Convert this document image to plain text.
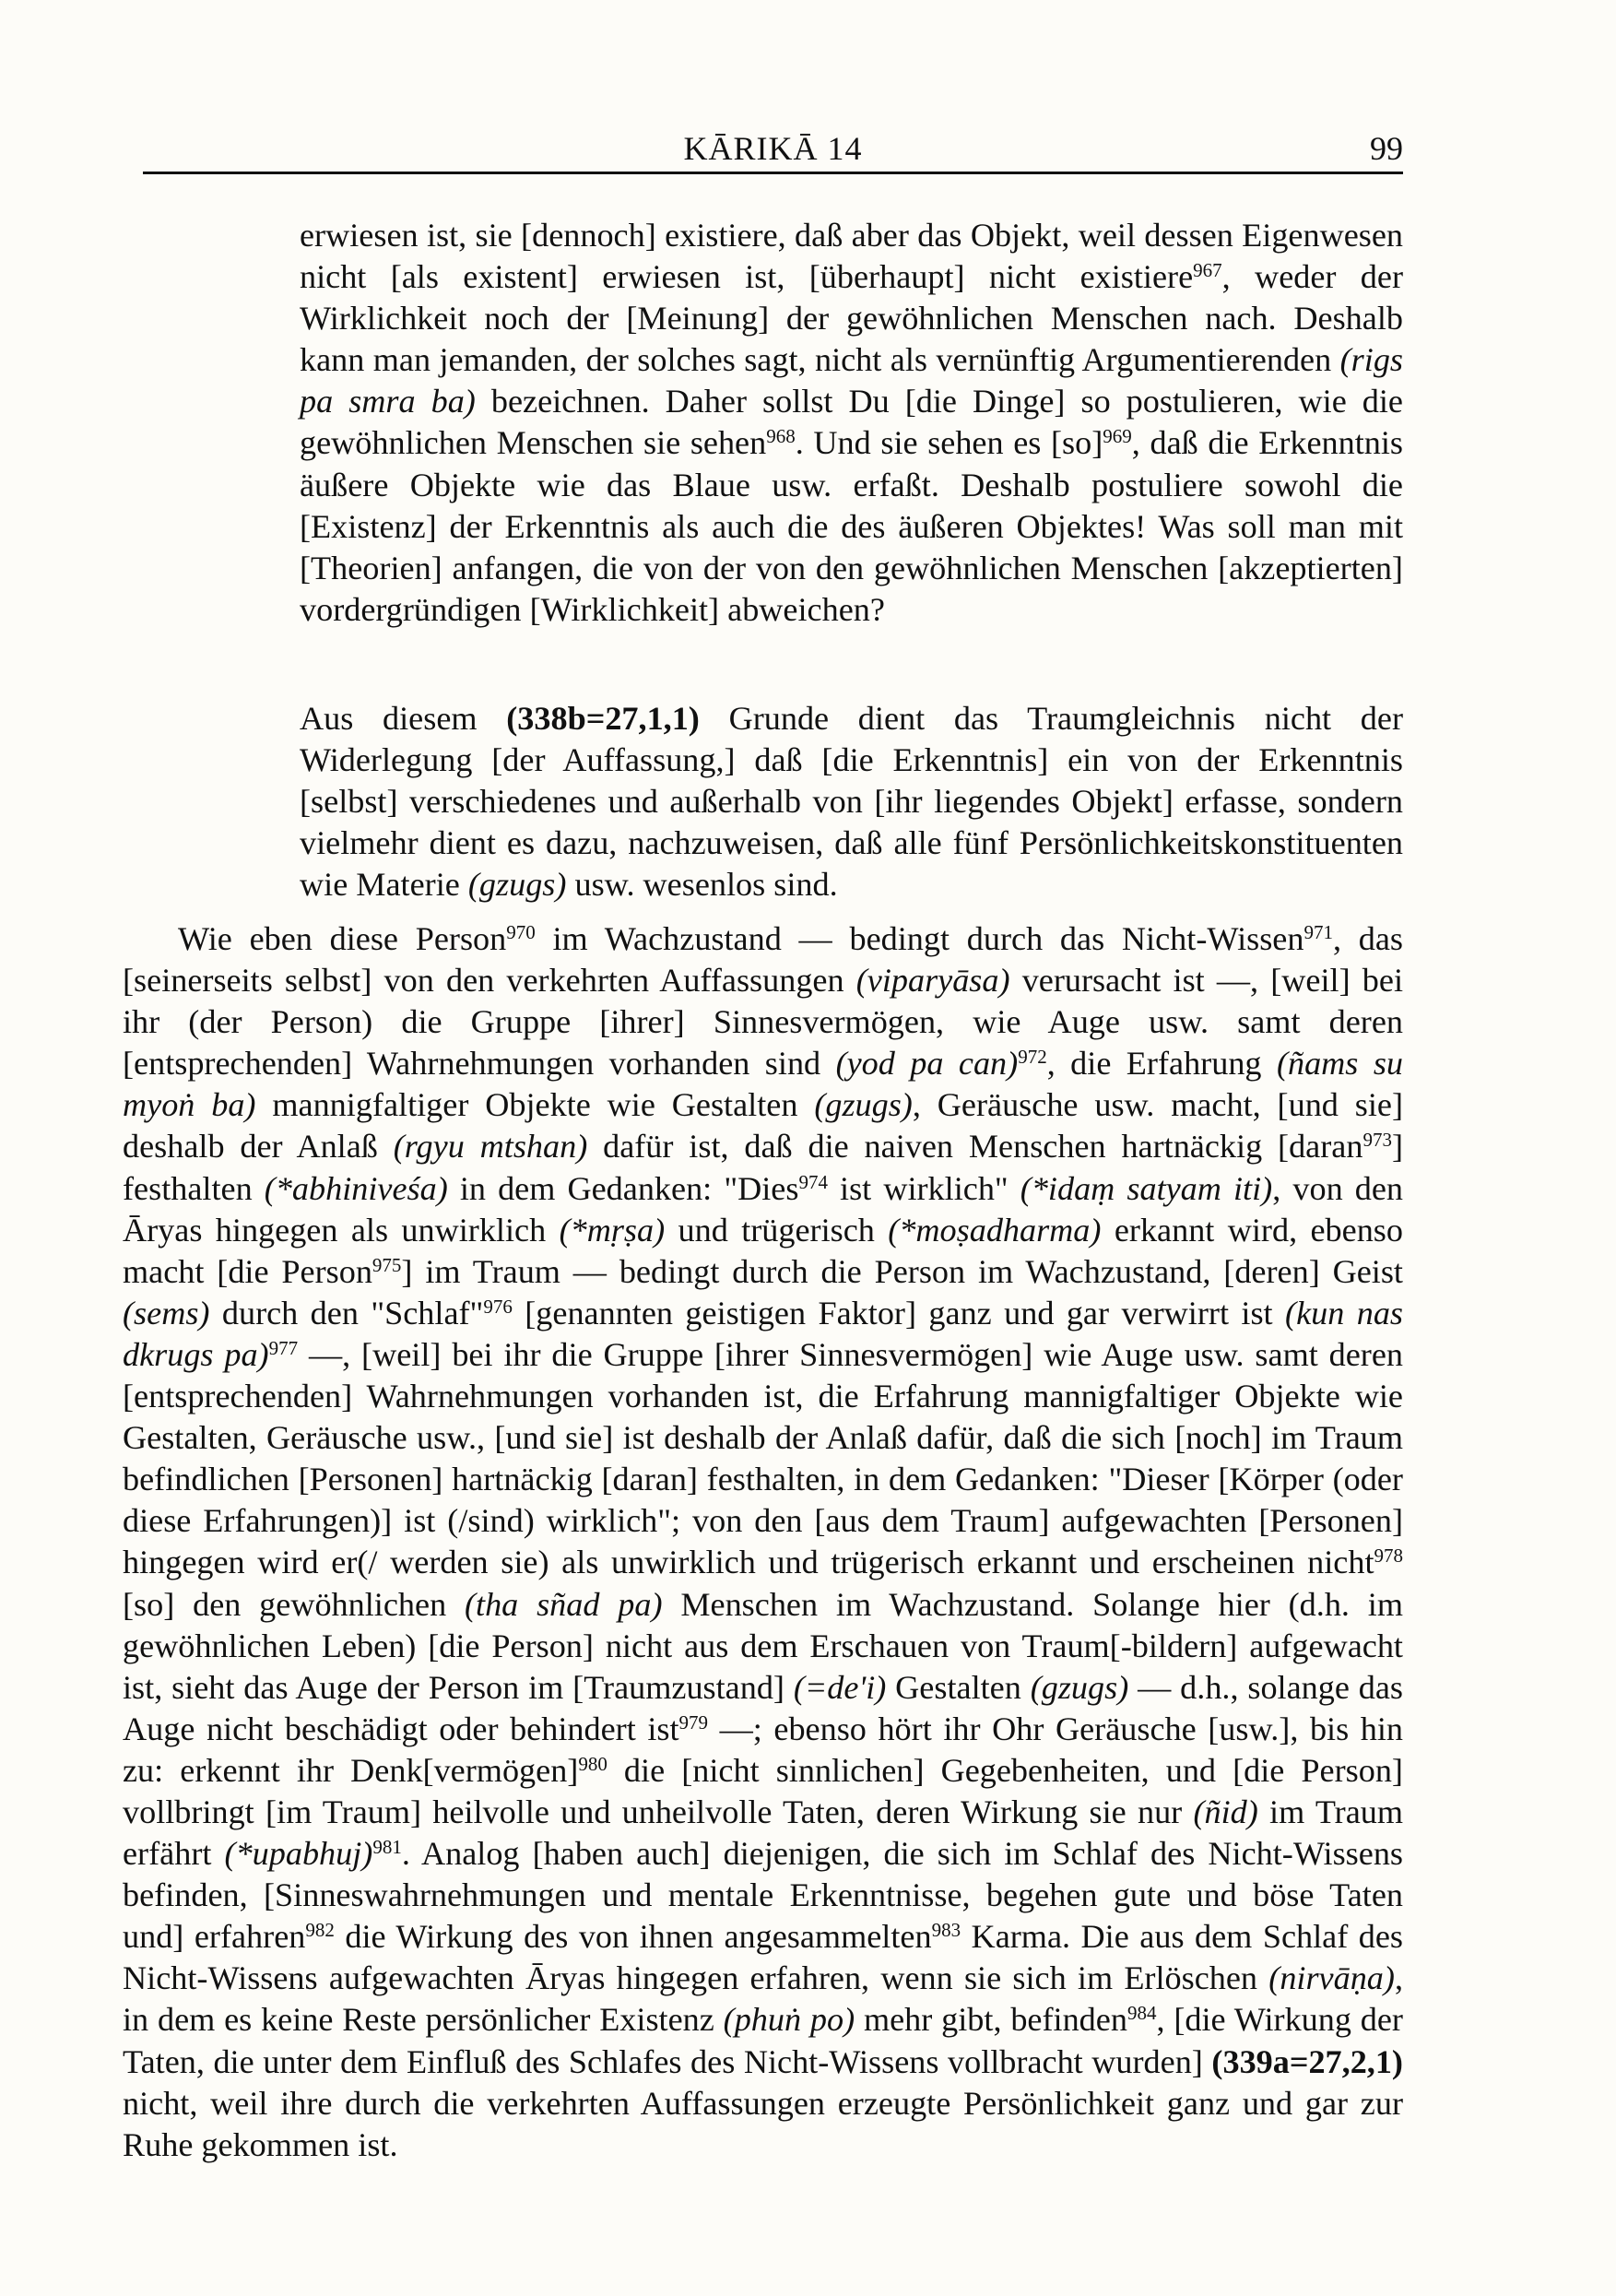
KĀRIKĀ 14	99
erwiesen ist, sie [dennoch] existiere, daß aber das Objekt, weil dessen Eigenwesen nicht [als existent] erwiesen ist, [überhaupt] nicht existiere$^{967}$, weder der Wirklichkeit noch der [Meinung] der gewöhnlichen Menschen nach. Deshalb kann man jemanden, der solches sagt, nicht als vernünftig Argumentierenden (rigs pa smra ba) bezeichnen. Daher sollst Du [die Dinge] so postulieren, wie die gewöhnlichen Menschen sie sehen$^{968}$. Und sie sehen es [so]$^{969}$, daß die Erkenntnis äußere Objekte wie das Blaue usw. erfaßt. Deshalb postuliere sowohl die [Existenz] der Erkenntnis als auch die des äußeren Objektes! Was soll man mit [Theorien] anfangen, die von der von den gewöhnlichen Menschen [akzeptierten] vordergründigen [Wirklichkeit] abweichen?
Aus diesem (338b=27,1,1) Grunde dient das Traumgleichnis nicht der Widerlegung [der Auffassung,] daß [die Erkenntnis] ein von der Erkenntnis [selbst] verschiedenes und außerhalb von [ihr liegendes Objekt] erfasse, sondern vielmehr dient es dazu, nachzuweisen, daß alle fünf Persönlichkeitskonstituenten wie Materie (gzugs) usw. wesenlos sind.
Wie eben diese Person$^{970}$ im Wachzustand — bedingt durch das Nicht-Wissen$^{971}$, das [seinerseits selbst] von den verkehrten Auffassungen (viparyāsa) verursacht ist —, [weil] bei ihr (der Person) die Gruppe [ihrer] Sinnesvermögen, wie Auge usw. samt deren [entsprechenden] Wahrnehmungen vorhanden sind (yod pa can)$^{972}$, die Erfahrung (ñams su myoṅ ba) mannigfaltiger Objekte wie Gestalten (gzugs), Geräusche usw. macht, [und sie] deshalb der Anlaß (rgyu mtshan) dafür ist, daß die naiven Menschen hartnäckig [daran$^{973}$] festhalten (*abhiniveśa) in dem Gedanken: "Dies$^{974}$ ist wirklich" (*idaṃ satyam iti), von den Āryas hingegen als unwirklich (*mṛṣa) und trügerisch (*moṣadharma) erkannt wird, ebenso macht [die Person$^{975}$] im Traum — bedingt durch die Person im Wachzustand, [deren] Geist (sems) durch den "Schlaf"$^{976}$ [genannten geistigen Faktor] ganz und gar verwirrt ist (kun nas dkrugs pa)$^{977}$ —, [weil] bei ihr die Gruppe [ihrer Sinnesvermögen] wie Auge usw. samt deren [entsprechenden] Wahrnehmungen vorhanden ist, die Erfahrung mannigfaltiger Objekte wie Gestalten, Geräusche usw., [und sie] ist deshalb der Anlaß dafür, daß die sich [noch] im Traum befindlichen [Personen] hartnäckig [daran] festhalten, in dem Gedanken: "Dieser [Körper (oder diese Erfahrungen)] ist (/sind) wirklich"; von den [aus dem Traum] aufgewachten [Personen] hingegen wird er(/ werden sie) als unwirklich und trügerisch erkannt und erscheinen nicht$^{978}$ [so] den gewöhnlichen (tha sñad pa) Menschen im Wachzustand. Solange hier (d.h. im gewöhnlichen Leben) [die Person] nicht aus dem Erschauen von Traum[-bildern] aufgewacht ist, sieht das Auge der Person im [Traumzustand] (=de'i) Gestalten (gzugs) — d.h., solange das Auge nicht beschädigt oder behindert ist$^{979}$ —; ebenso hört ihr Ohr Geräusche [usw.], bis hin zu: erkennt ihr Denk[vermögen]$^{980}$ die [nicht sinnlichen] Gegebenheiten, und [die Person] vollbringt [im Traum] heilvolle und unheilvolle Taten, deren Wirkung sie nur (ñid) im Traum erfährt (*upabhuj)$^{981}$. Analog [haben auch] diejenigen, die sich im Schlaf des Nicht-Wissens befinden, [Sinneswahrnehmungen und mentale Erkenntnisse, begehen gute und böse Taten und] erfahren$^{982}$ die Wirkung des von ihnen angesammelten$^{983}$ Karma. Die aus dem Schlaf des Nicht-Wissens aufgewachten Āryas hingegen erfahren, wenn sie sich im Erlöschen (nirvāṇa), in dem es keine Reste persönlicher Existenz (phuṅ po) mehr gibt, befinden$^{984}$, [die Wirkung der Taten, die unter dem Einfluß des Schlafes des Nicht-Wissens vollbracht wurden] (339a=27,2,1) nicht, weil ihre durch die verkehrten Auffassungen erzeugte Persönlichkeit ganz und gar zur Ruhe gekommen ist.
